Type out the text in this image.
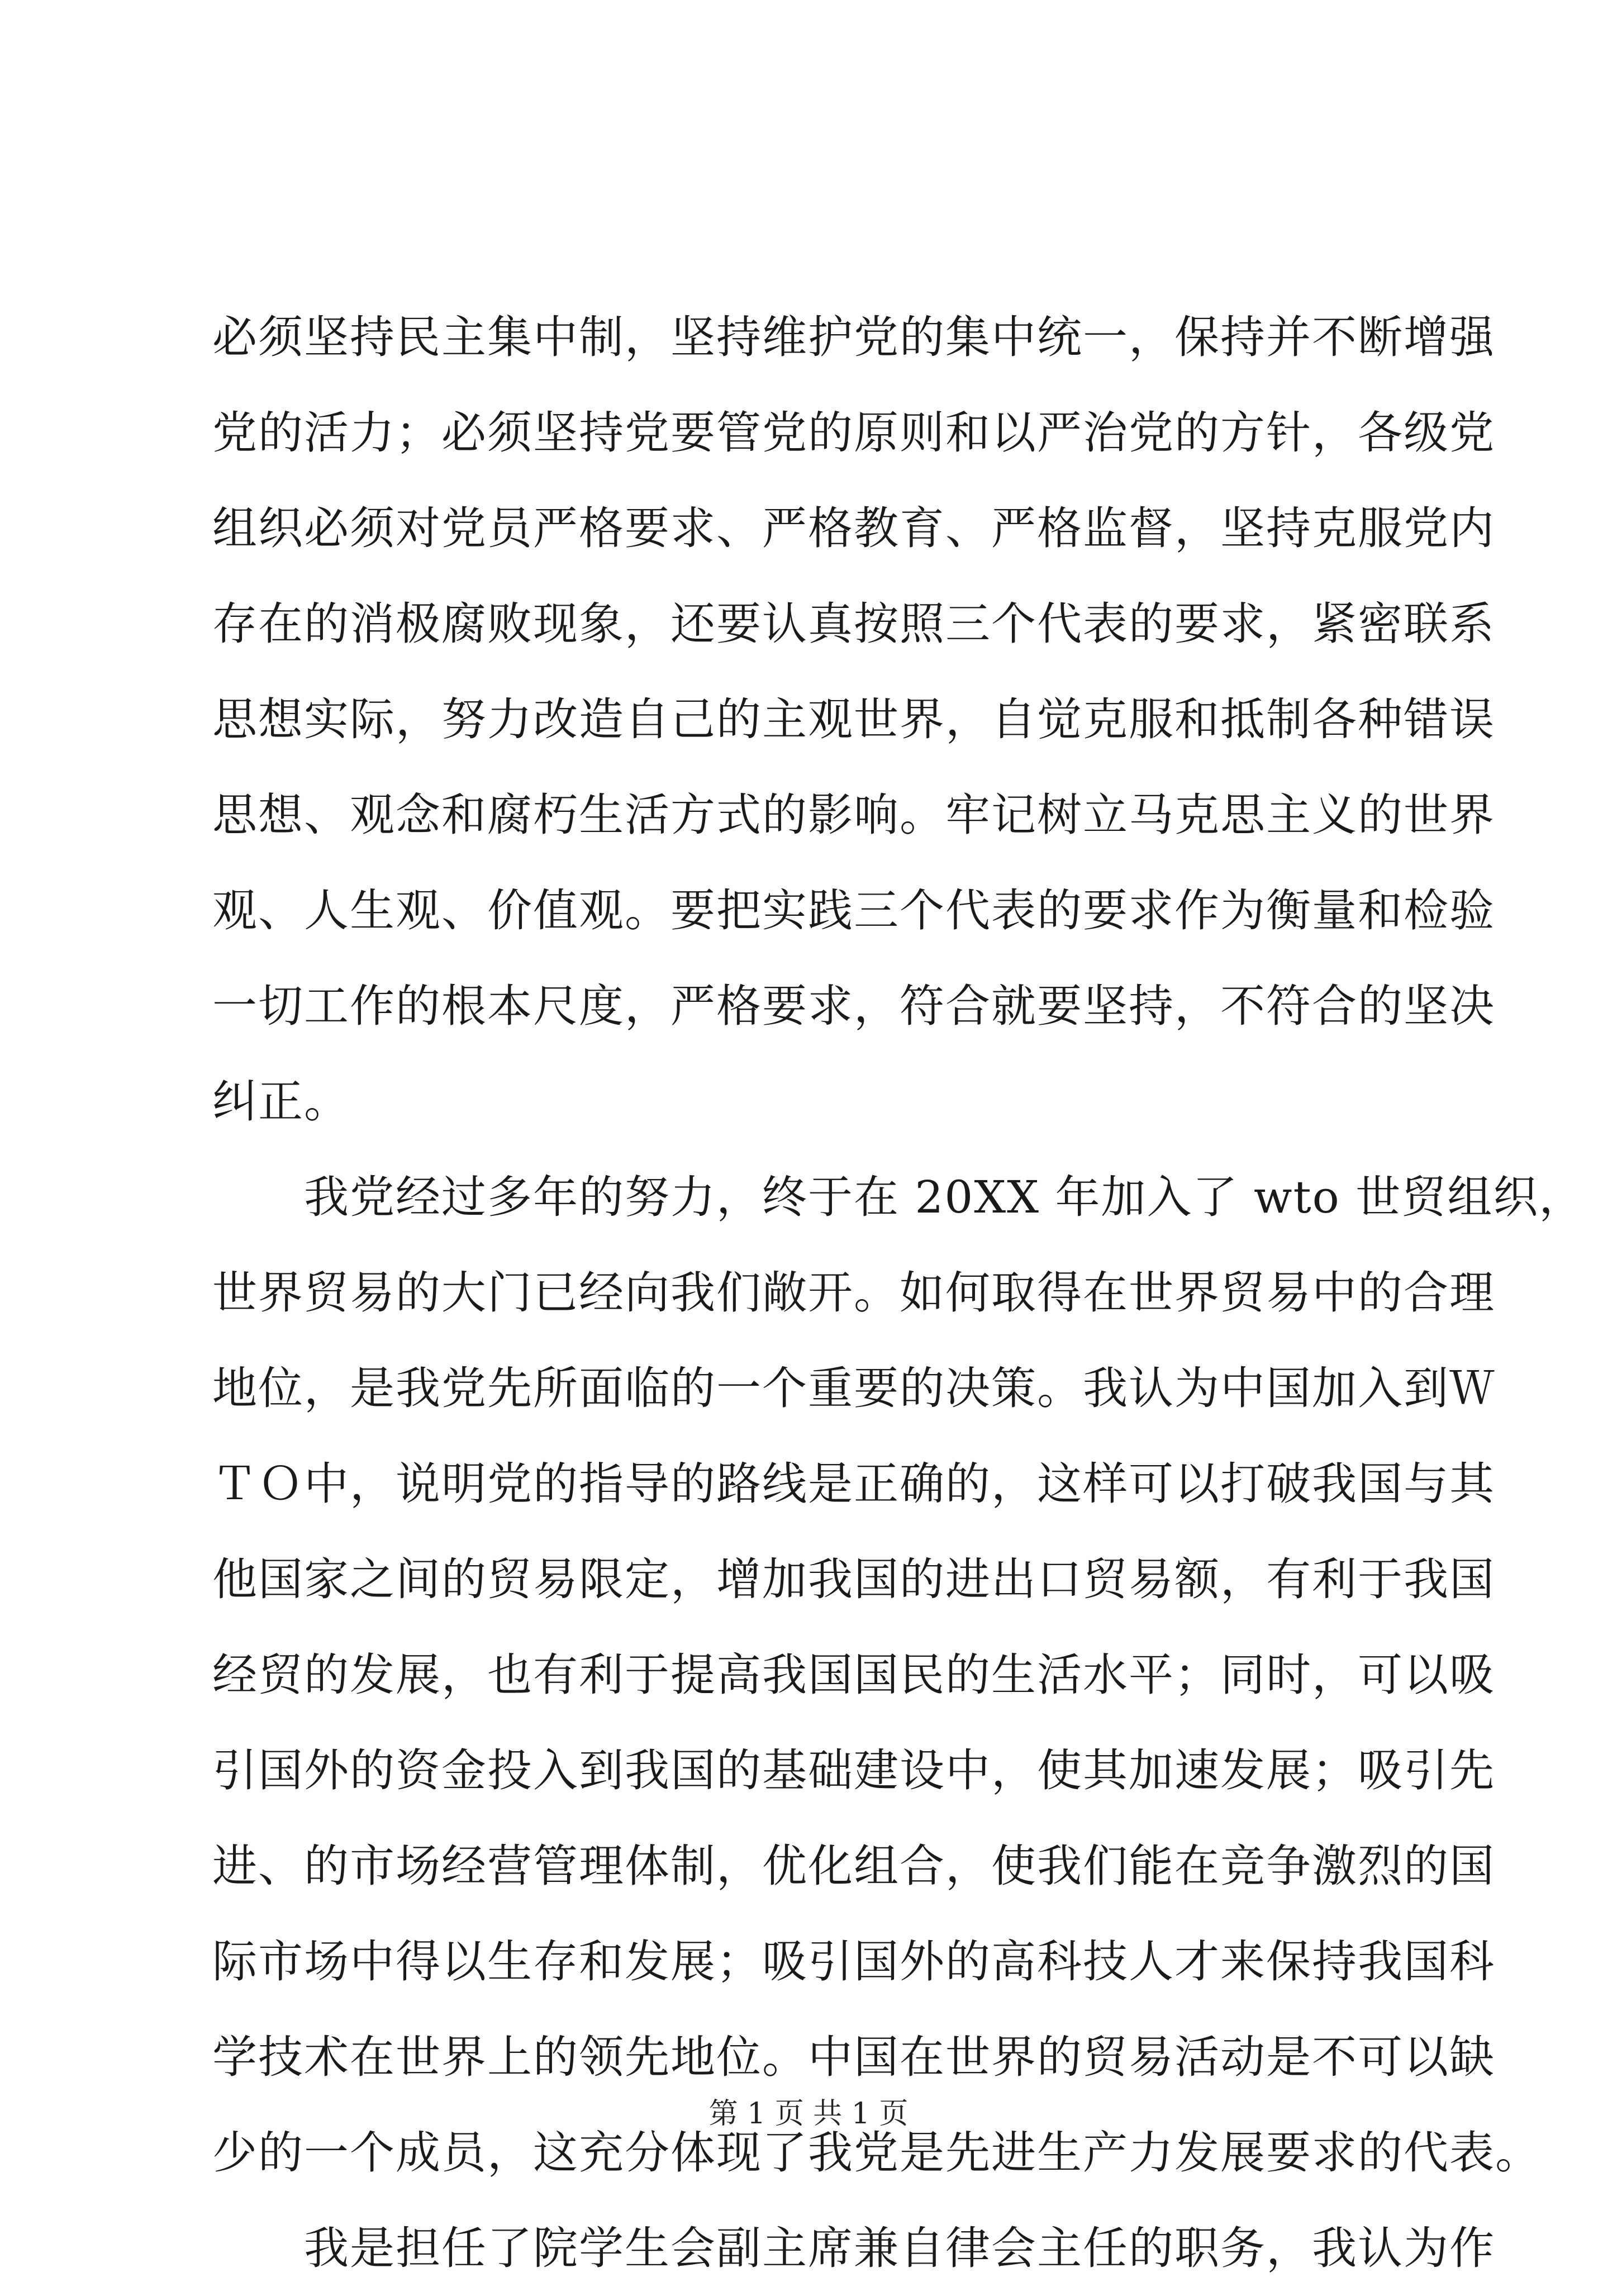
必须坚持民主集中制，坚持维护党的集中统一，保持并不断增强
党的活力；必须坚持党要管党的原则和以严治党的方针，各级党
组织必须对党员严格要求、严格教育、严格监督，坚持克服党内
存在的消极腐败现象，还要认真按照三个代表的要求，紧密联系
思想实际，努力改造自己的主观世界，自觉克服和抵制各种错误
思想、观念和腐朽生活方式的影响。牢记树立马克思主义的世界
观、人生观、价值观。要把实践三个代表的要求作为衡量和检验
一切工作的根本尺度，严格要求，符合就要坚持，不符合的坚决
纠正。
　　我党经过多年的努力，终于在 20XX 年加入了 wto 世贸组织，
世界贸易的大门已经向我们敞开。如何取得在世界贸易中的合理
地位，是我党先所面临的一个重要的决策。我认为中国加入到Ｗ
ＴＯ中，说明党的指导的路线是正确的，这样可以打破我国与其
他国家之间的贸易限定，增加我国的进出口贸易额，有利于我国
经贸的发展，也有利于提高我国国民的生活水平；同时，可以吸
引国外的资金投入到我国的基础建设中，使其加速发展；吸引先
进、的市场经营管理体制，优化组合，使我们能在竞争激烈的国
际市场中得以生存和发展；吸引国外的高科技人才来保持我国科
学技术在世界上的领先地位。中国在世界的贸易活动是不可以缺
少的一个成员，这充分体现了我党是先进生产力发展要求的代表。
　　我是担任了院学生会副主席兼自律会主任的职务，我认为作
第 1 页 共 1 页
